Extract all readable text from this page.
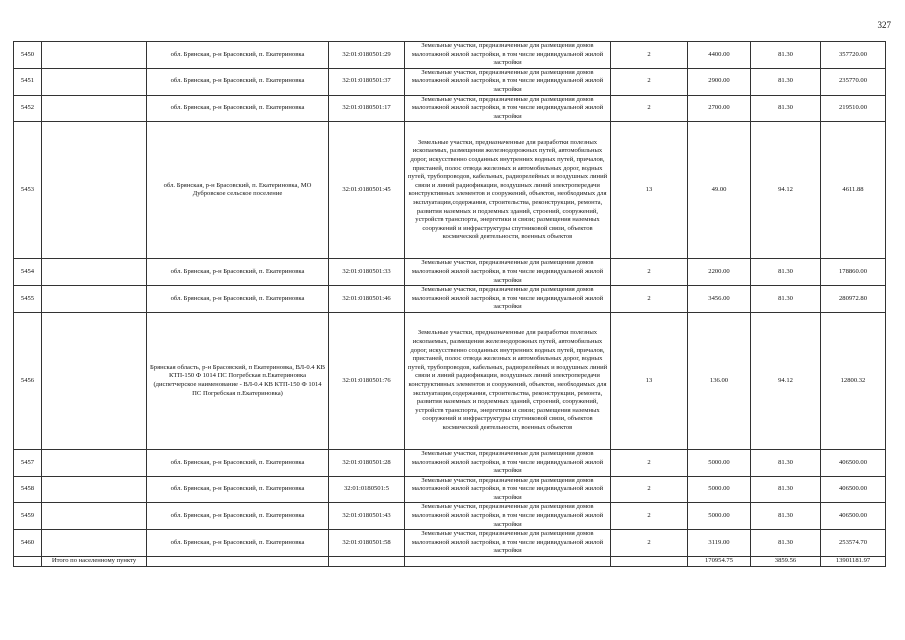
327
5450		обл. Брянская, р-н Брасовский, п. Екатериновка	32:01:0180501:29	Земельные участки, предназначенные для размещения домов малоэтажной жилой застройки, в том числе индивидуальной жилой застройки	2	4400.00	81.30	357720.00
5451		обл. Брянская, р-н Брасовский, п. Екатериновка	32:01:0180501:37	Земельные участки, предназначенные для размещения домов малоэтажной жилой застройки, в том числе индивидуальной жилой застройки	2	2900.00	81.30	235770.00
5452		обл. Брянская, р-н Брасовский, п. Екатериновка	32:01:0180501:17	Земельные участки, предназначенные для размещения домов малоэтажной жилой застройки, в том числе индивидуальной жилой застройки	2	2700.00	81.30	219510.00
5453		обл. Брянская, р-н Брасовский, п. Екатериновка, МО Дубровское сельское поселение	32:01:0180501:45	Земельные участки, предназначенные для разработки полезных ископаемых, размещения железнодорожных путей, автомобильных дорог, искусственно созданных внутренних водных путей, причалов, пристаней, полос отвода железных и автомобильных дорог, водных путей, трубопроводов, кабельных, радиорелейных и воздушных линий связи и линий радиофикации, воздушных линий электропередачи конструктивных элементов и сооружений, объектов, необходимых для эксплуатации,содержания, строительства, реконструкции, ремонта, развития наземных и подземных зданий, строений, сооружений, устройств транспорта, энергетики и связи; размещения наземных сооружений и инфраструктуры спутниковой связи, объектов космической деятельности, военных объектов	13	49.00	94.12	4611.88
5454		обл. Брянская, р-н Брасовский, п. Екатериновка	32:01:0180501:33	Земельные участки, предназначенные для размещения домов малоэтажной жилой застройки, в том числе индивидуальной жилой застройки	2	2200.00	81.30	178860.00
5455		обл. Брянская, р-н Брасовский, п. Екатериновка	32:01:0180501:46	Земельные участки, предназначенные для размещения домов малоэтажной жилой застройки, в том числе индивидуальной жилой застройки	2	3456.00	81.30	280972.80
5456		Брянская область, р-н Брасовский, п Екатериновка, ВЛ-0.4 КВ КТП-150 Ф 1014 ПС Погребская п.Екатериновка (диспетчерское наименование - ВЛ-0.4 КВ КТП-150 Ф 1014 ПС Погребская п.Екатериновка)	32:01:0180501:76	Земельные участки, предназначенные для разработки полезных ископаемых, размещения железнодорожных путей, автомобильных дорог, искусственно созданных внутренних водных путей, причалов, пристаней, полос отвода железных и автомобильных дорог, водных путей, трубопроводов, кабельных, радиорелейных и воздушных линий связи и линий радиофикации, воздушных линий электропередачи конструктивных элементов и сооружений, объектов, необходимых для эксплуатации,содержания, строительства, реконструкции, ремонта, развития наземных и подземных зданий, строений, сооружений, устройств транспорта, энергетики и связи; размещения наземных сооружений и инфраструктуры спутниковой связи, объектов космической деятельности, военных объектов	13	136.00	94.12	12800.32
5457		обл. Брянская, р-н Брасовский, п. Екатериновка	32:01:0180501:28	Земельные участки, предназначенные для размещения домов малоэтажной жилой застройки, в том числе индивидуальной жилой застройки	2	5000.00	81.30	406500.00
5458		обл. Брянская, р-н Брасовский, п. Екатериновка	32:01:0180501:5	Земельные участки, предназначенные для размещения домов малоэтажной жилой застройки, в том числе индивидуальной жилой застройки	2	5000.00	81.30	406500.00
5459		обл. Брянская, р-н Брасовский, п. Екатериновка	32:01:0180501:43	Земельные участки, предназначенные для размещения домов малоэтажной жилой застройки, в том числе индивидуальной жилой застройки	2	5000.00	81.30	406500.00
5460		обл. Брянская, р-н Брасовский, п. Екатериновка	32:01:0180501:58	Земельные участки, предназначенные для размещения домов малоэтажной жилой застройки, в том числе индивидуальной жилой застройки	2	3119.00	81.30	253574.70
	Итого по населенному пункту					170954.75	3859.56	13901181.97
